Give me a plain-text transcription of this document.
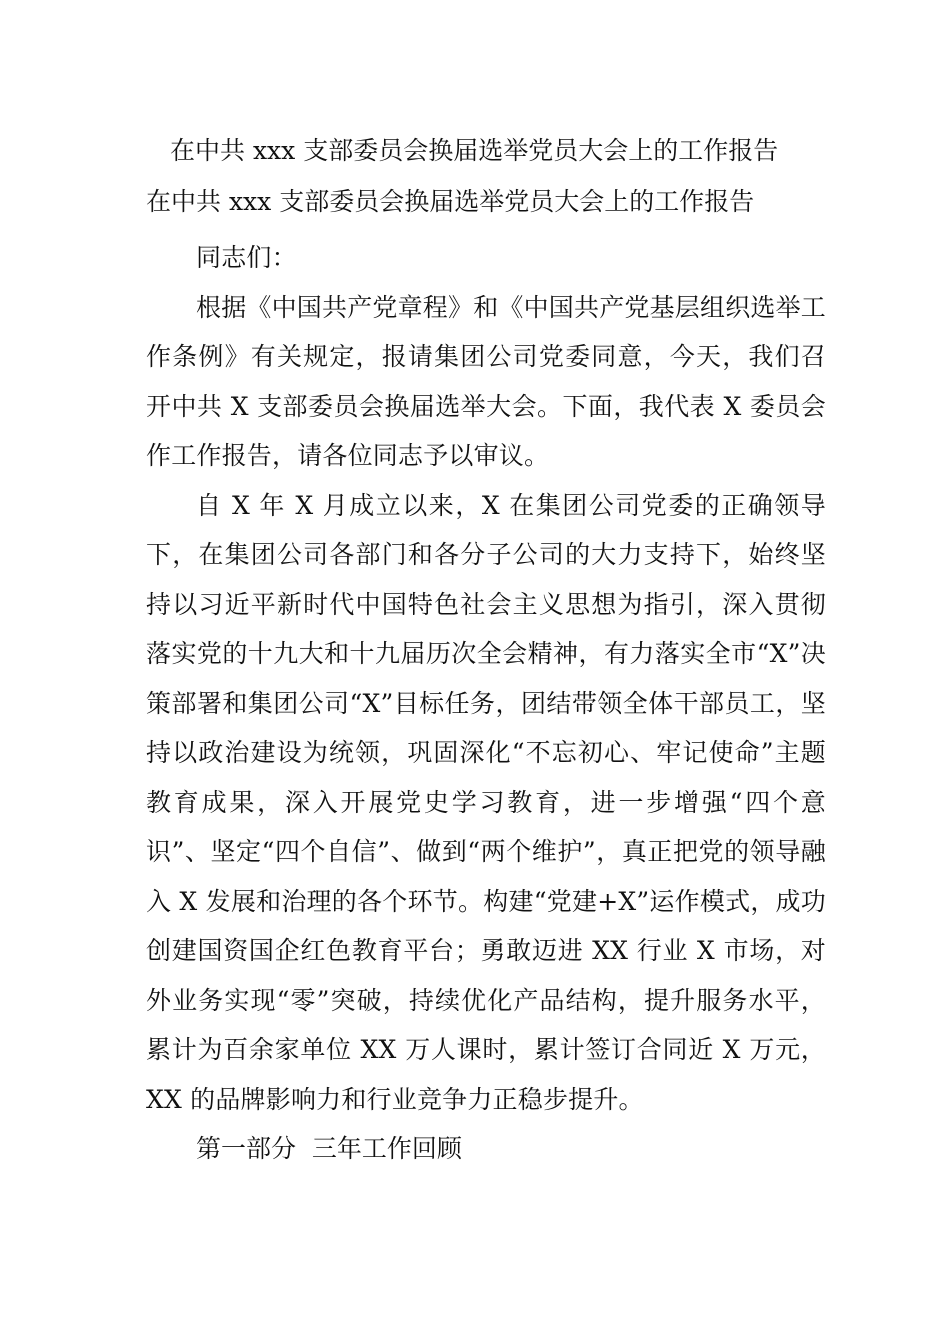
在中共 xxx 支部委员会换届选举党员大会上的工作报告
在中共 xxx 支部委员会换届选举党员大会上的工作报告

同志们：

根据《中国共产党章程》和《中国共产党基层组织选举工作条例》有关规定，报请集团公司党委同意，今天，我们召开中共 X 支部委员会换届选举大会。下面，我代表 X 委员会作工作报告，请各位同志予以审议。

自 X 年 X 月成立以来，X 在集团公司党委的正确领导下，在集团公司各部门和各分子公司的大力支持下，始终坚持以习近平新时代中国特色社会主义思想为指引，深入贯彻落实党的十九大和十九届历次全会精神，有力落实全市“X”决策部署和集团公司“X”目标任务，团结带领全体干部员工，坚持以政治建设为统领，巩固深化“不忘初心、牢记使命”主题教育成果，深入开展党史学习教育，进一步增强“四个意识”、坚定“四个自信”、做到“两个维护”，真正把党的领导融入 X 发展和治理的各个环节。构建“党建+X”运作模式，成功创建国资国企红色教育平台；勇敢迈进 XX 行业 X 市场，对外业务实现“零”突破，持续优化产品结构，提升服务水平，累计为百余家单位 XX 万人课时，累计签订合同近 X 万元，XX 的品牌影响力和行业竞争力正稳步提升。

第一部分  三年工作回顾
